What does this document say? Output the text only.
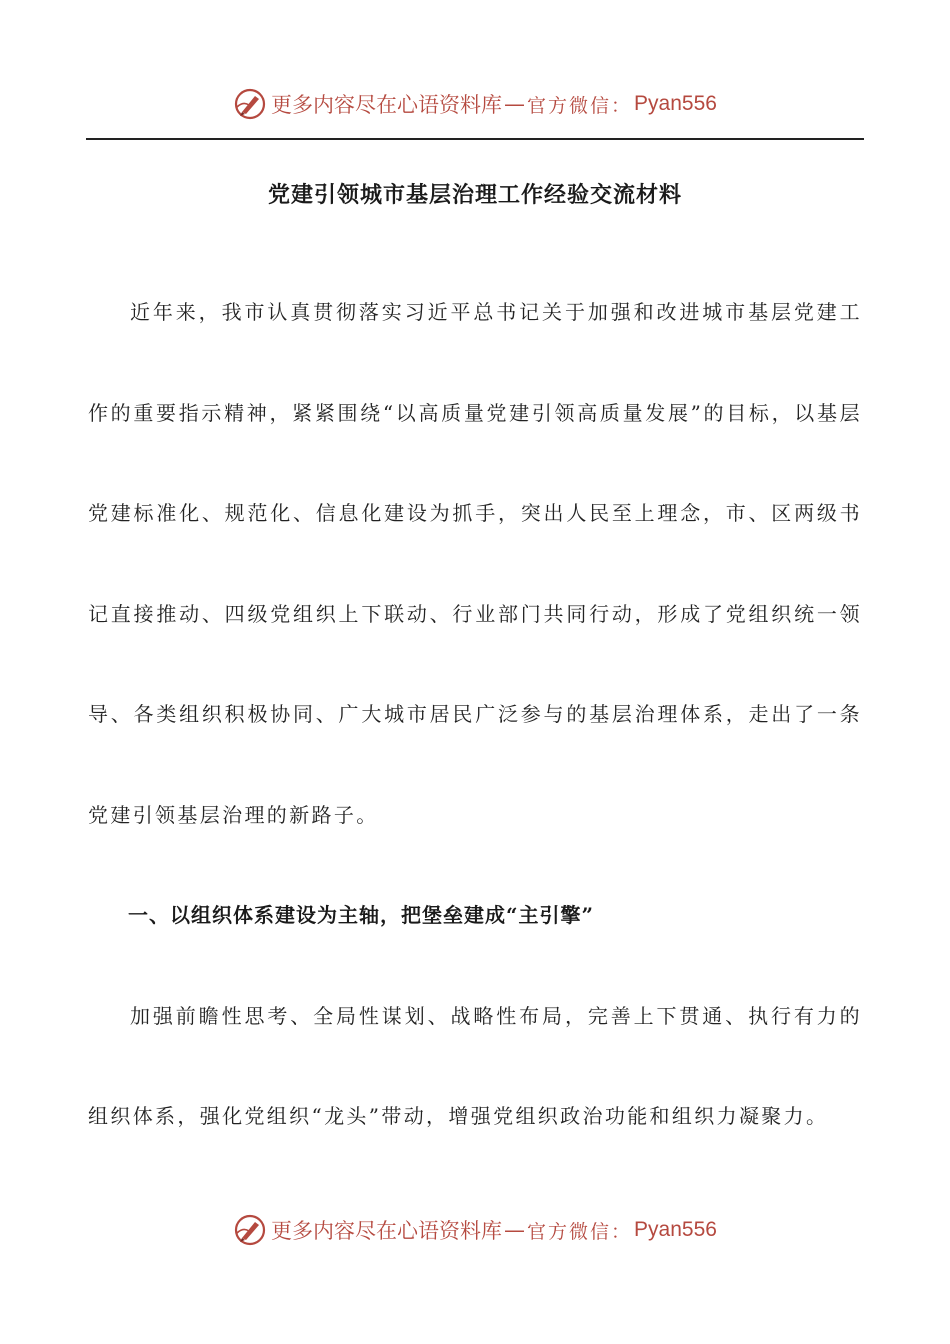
更多内容尽在心语资料库 — 官方微信： Pyan556
党建引领城市基层治理工作经验交流材料

近年来，我市认真贯彻落实习近平总书记关于加强和改进城市基层党建工作的重要指示精神，紧紧围绕“以高质量党建引领高质量发展”的目标，以基层党建标准化、规范化、信息化建设为抓手，突出人民至上理念，市、区两级书记直接推动、四级党组织上下联动、行业部门共同行动，形成了党组织统一领导、各类组织积极协同、广大城市居民广泛参与的基层治理体系，走出了一条党建引领基层治理的新路子。

一、以组织体系建设为主轴，把堡垒建成“主引擎”

加强前瞻性思考、全局性谋划、战略性布局，完善上下贯通、执行有力的组织体系，强化党组织“龙头”带动，增强党组织政治功能和组织力凝聚力。

更多内容尽在心语资料库 — 官方微信： Pyan556
